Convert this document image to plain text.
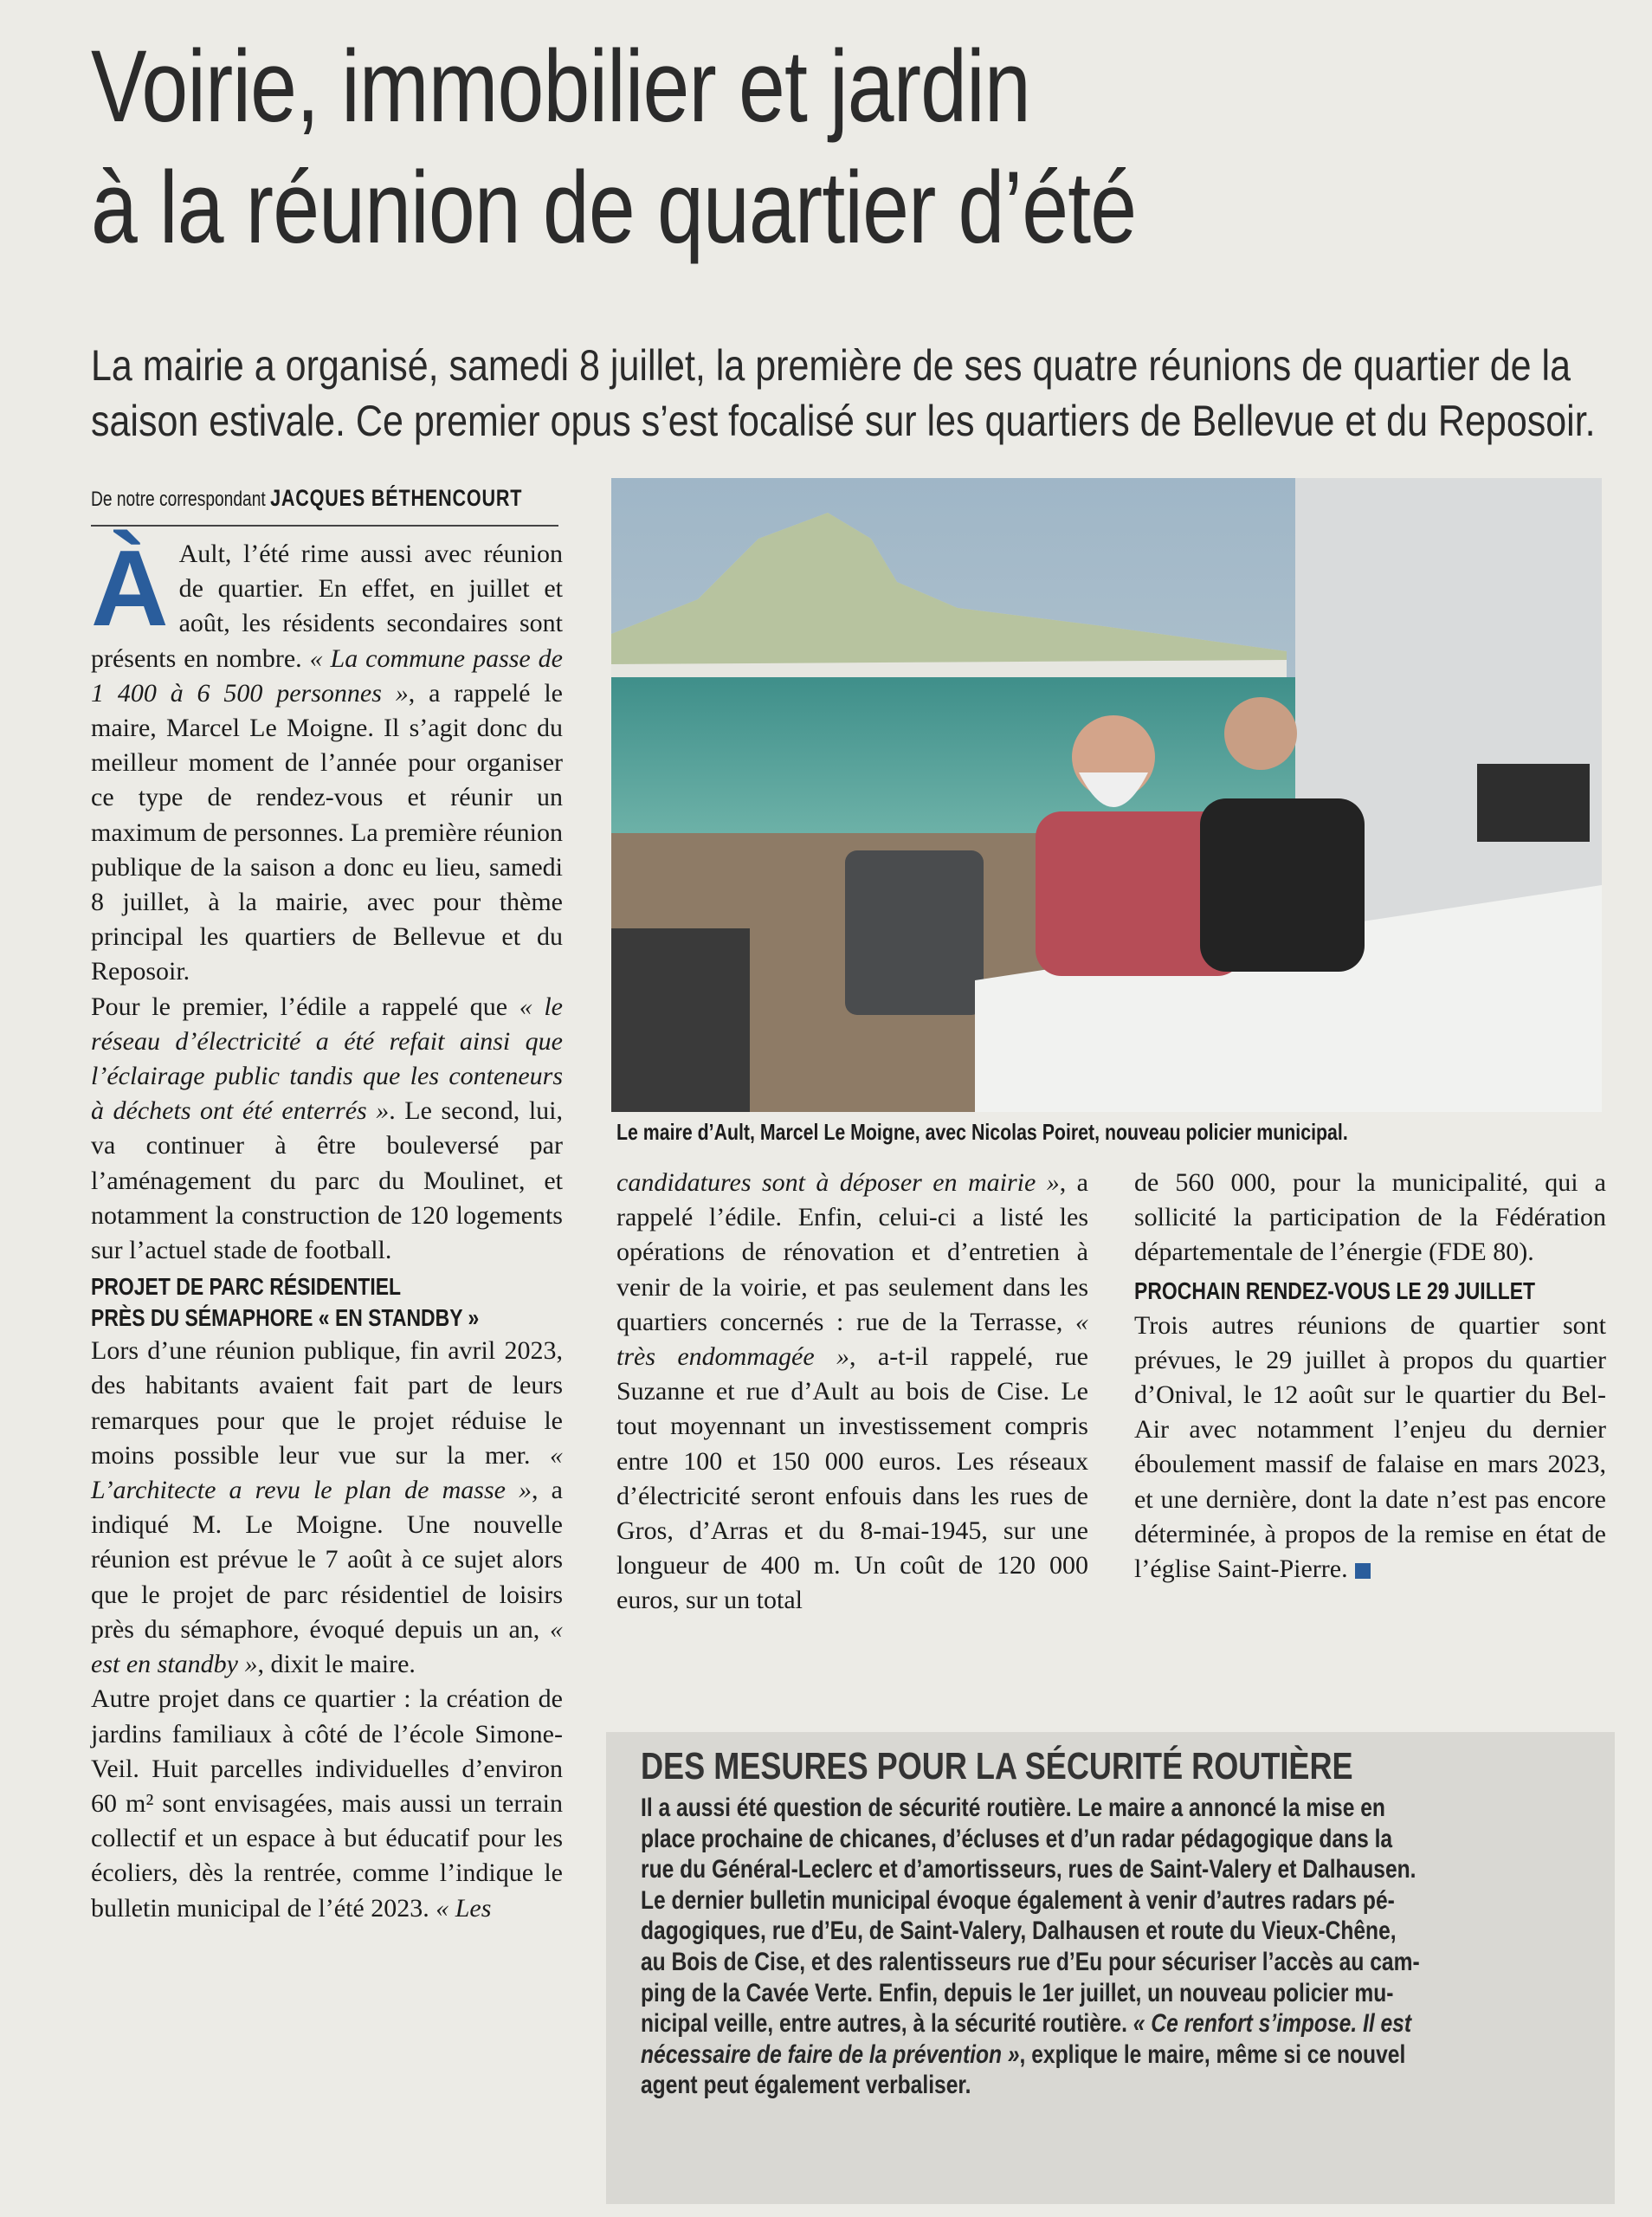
Voirie, immobilier et jardin
à la réunion de quartier d’été
La mairie a organisé, samedi 8 juillet, la première de ses quatre réunions de quartier de la
saison estivale. Ce premier opus s’est focalisé sur les quartiers de Bellevue et du Reposoir.
De notre correspondant JACQUES BÉTHENCOURT

À Ault, l’été rime aussi avec réunion de quartier. En effet, en juillet et août, les résidents secondaires sont présents en nombre. « La commune passe de 1 400 à 6 500 personnes », a rappelé le maire, Marcel Le Moigne. Il s’agit donc du meilleur moment de l’année pour organiser ce type de rendez-vous et réunir un maximum de personnes. La première réunion publique de la saison a donc eu lieu, samedi 8 juillet, à la mairie, avec pour thème principal les quartiers de Bellevue et du Reposoir.

Pour le premier, l’édile a rappelé que « le réseau d’électricité a été refait ainsi que l’éclairage public tandis que les conteneurs à déchets ont été enterrés ». Le second, lui, va continuer à être bouleversé par l’aménagement du parc du Moulinet, et notamment la construction de 120 logements sur l’actuel stade de football.

PROJET DE PARC RÉSIDENTIEL
PRÈS DU SÉMAPHORE « EN STANDBY »

Lors d’une réunion publique, fin avril 2023, des habitants avaient fait part de leurs remarques pour que le projet réduise le moins possible leur vue sur la mer. « L’architecte a revu le plan de masse », a indiqué M. Le Moigne. Une nouvelle réunion est prévue le 7 août à ce sujet alors que le projet de parc résidentiel de loisirs près du sémaphore, évoqué depuis un an, « est en standby », dixit le maire.

Autre projet dans ce quartier : la création de jardins familiaux à côté de l’école Simone-Veil. Huit parcelles individuelles d’environ 60 m² sont envisagées, mais aussi un terrain collectif et un espace à but éducatif pour les écoliers, dès la rentrée, comme l’indique le bulletin municipal de l’été 2023. « Les

Le maire d’Ault, Marcel Le Moigne, avec Nicolas Poiret, nouveau policier municipal.

candidatures sont à déposer en mairie », a rappelé l’édile. Enfin, celui-ci a listé les opérations de rénovation et d’entretien à venir de la voirie, et pas seulement dans les quartiers concernés : rue de la Terrasse, « très endommagée », a-t-il rappelé, rue Suzanne et rue d’Ault au bois de Cise. Le tout moyennant un investissement compris entre 100 et 150 000 euros. Les réseaux d’électricité seront enfouis dans les rues de Gros, d’Arras et du 8-mai-1945, sur une longueur de 400 m. Un coût de 120 000 euros, sur un total

de 560 000, pour la municipalité, qui a sollicité la participation de la Fédération départementale de l’énergie (FDE 80).

PROCHAIN RENDEZ-VOUS LE 29 JUILLET

Trois autres réunions de quartier sont prévues, le 29 juillet à propos du quartier d’Onival, le 12 août sur le quartier du Bel-Air avec notamment l’enjeu du dernier éboulement massif de falaise en mars 2023, et une dernière, dont la date n’est pas encore déterminée, à propos de la remise en état de l’église Saint-Pierre.

DES MESURES POUR LA SÉCURITÉ ROUTIÈRE
Il a aussi été question de sécurité routière. Le maire a annoncé la mise en
place prochaine de chicanes, d’écluses et d’un radar pédagogique dans la
rue du Général-Leclerc et d’amortisseurs, rues de Saint-Valery et Dalhausen.
Le dernier bulletin municipal évoque également à venir d’autres radars pé-
dagogiques, rue d’Eu, de Saint-Valery, Dalhausen et route du Vieux-Chêne,
au Bois de Cise, et des ralentisseurs rue d’Eu pour sécuriser l’accès au cam-
ping de la Cavée Verte. Enfin, depuis le 1er juillet, un nouveau policier mu-
nicipal veille, entre autres, à la sécurité routière. « Ce renfort s’impose. Il est
nécessaire de faire de la prévention », explique le maire, même si ce nouvel
agent peut également verbaliser.
